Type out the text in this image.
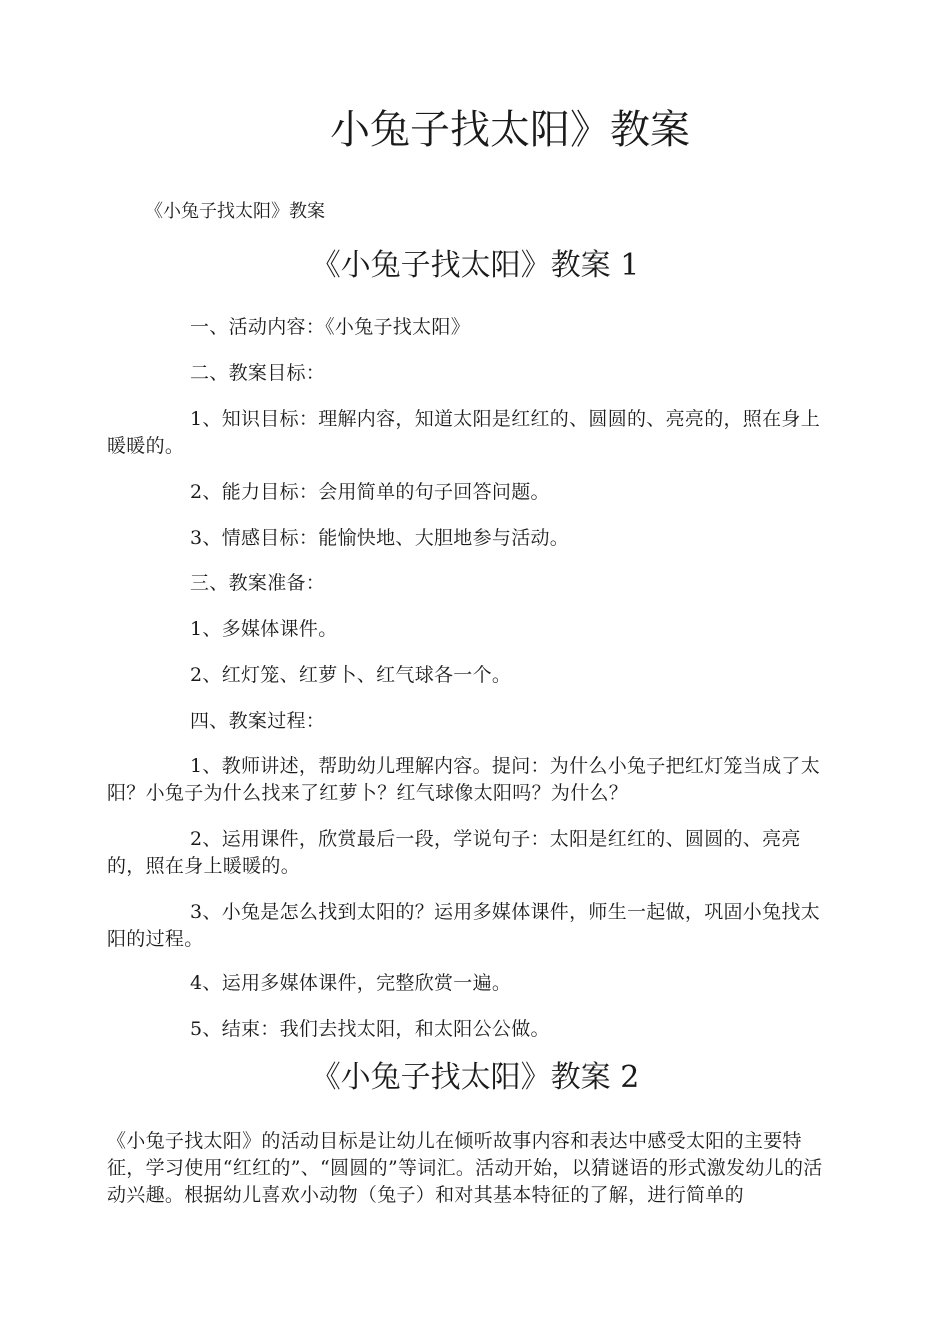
小兔子找太阳》教案
《小兔子找太阳》教案
《小兔子找太阳》教案 1

一、活动内容：《小兔子找太阳》

二、教案目标：

1、知识目标：理解内容，知道太阳是红红的、圆圆的、亮亮的，照在身上暖暖的。

2、能力目标：会用简单的句子回答问题。

3、情感目标：能愉快地、大胆地参与活动。

三、教案准备：

1、多媒体课件。

2、红灯笼、红萝卜、红气球各一个。

四、教案过程：

1、教师讲述，帮助幼儿理解内容。提问：为什么小兔子把红灯笼当成了太阳？小兔子为什么找来了红萝卜？红气球像太阳吗？为什么？

2、运用课件，欣赏最后一段，学说句子：太阳是红红的、圆圆的、亮亮的，照在身上暖暖的。

3、小兔是怎么找到太阳的？运用多媒体课件，师生一起做，巩固小兔找太阳的过程。

4、运用多媒体课件，完整欣赏一遍。

5、结束：我们去找太阳，和太阳公公做。

《小兔子找太阳》教案 2

《小兔子找太阳》的活动目标是让幼儿在倾听故事内容和表达中感受太阳的主要特征，学习使用“红红的”、“圆圆的”等词汇。活动开始，以猜谜语的形式激发幼儿的活动兴趣。根据幼儿喜欢小动物（兔子）和对其基本特征的了解，进行简单的
